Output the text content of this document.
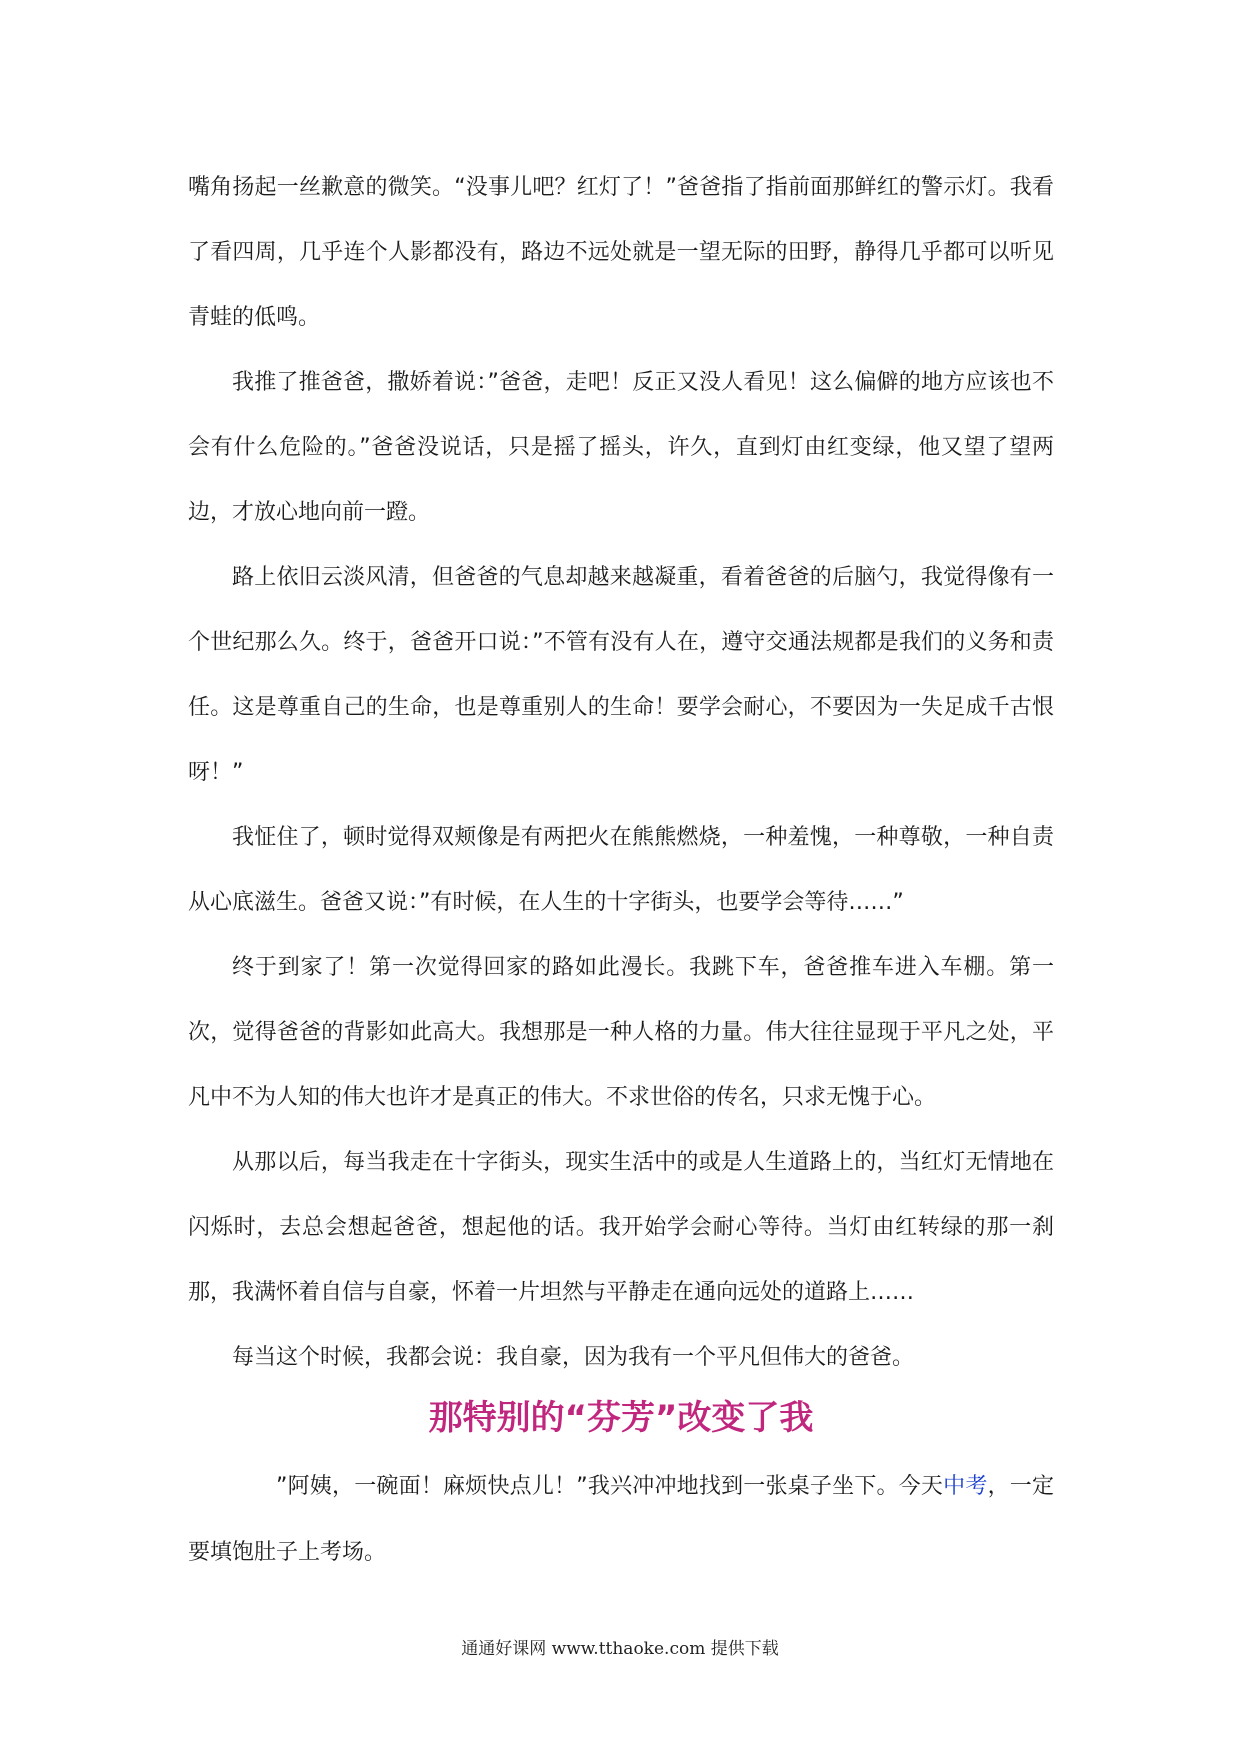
嘴角扬起一丝歉意的微笑。“没事儿吧？红灯了！”爸爸指了指前面那鲜红的警示灯。我看了看四周，几乎连个人影都没有，路边不远处就是一望无际的田野，静得几乎都可以听见青蛙的低鸣。

我推了推爸爸，撒娇着说：”爸爸，走吧！反正又没人看见！这么偏僻的地方应该也不会有什么危险的。”爸爸没说话，只是摇了摇头，许久，直到灯由红变绿，他又望了望两边，才放心地向前一蹬。

路上依旧云淡风清，但爸爸的气息却越来越凝重，看着爸爸的后脑勺，我觉得像有一个世纪那么久。终于，爸爸开口说：”不管有没有人在，遵守交通法规都是我们的义务和责任。这是尊重自己的生命，也是尊重别人的生命！要学会耐心，不要因为一失足成千古恨呀！”

我怔住了，顿时觉得双颊像是有两把火在熊熊燃烧，一种羞愧，一种尊敬，一种自责从心底滋生。爸爸又说：”有时候，在人生的十字街头，也要学会等待……”

终于到家了！第一次觉得回家的路如此漫长。我跳下车，爸爸推车进入车棚。第一次，觉得爸爸的背影如此高大。我想那是一种人格的力量。伟大往往显现于平凡之处，平凡中不为人知的伟大也许才是真正的伟大。不求世俗的传名，只求无愧于心。

从那以后，每当我走在十字街头，现实生活中的或是人生道路上的，当红灯无情地在闪烁时，去总会想起爸爸，想起他的话。我开始学会耐心等待。当灯由红转绿的那一刹那，我满怀着自信与自豪，怀着一片坦然与平静走在通向远处的道路上……

每当这个时候，我都会说：我自豪，因为我有一个平凡但伟大的爸爸。

那特别的“芬芳”改变了我

”阿姨，一碗面！麻烦快点儿！”我兴冲冲地找到一张桌子坐下。今天中考，一定要填饱肚子上考场。

通通好课网 www.tthaoke.com 提供下载
